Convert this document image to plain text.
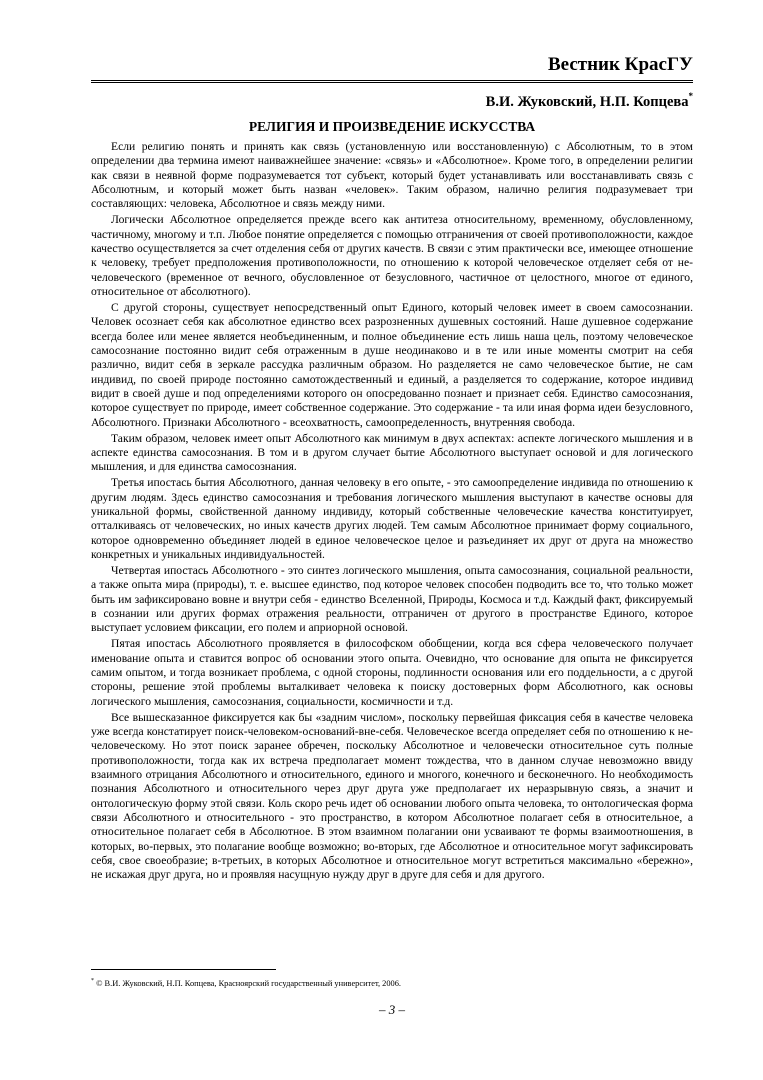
Вестник КрасГУ
В.И. Жуковский, Н.П. Копцева*
РЕЛИГИЯ И ПРОИЗВЕДЕНИЕ ИСКУССТВА

Если религию понять и принять как связь (установленную или восстановленную) с Абсолютным, то в этом определении два термина имеют наиважнейшее значение: «связь» и «Абсолютное». Кроме того, в определении религии как связи в неявной форме подразумевается тот субъект, который будет устанавливать или восстанавливать связь с Абсолютным, и который может быть назван «человек». Таким образом, налично религия подразумевает три составляющих: человека, Абсолютное и связь между ними.

Логически Абсолютное определяется прежде всего как антитеза относительному, временному, обусловленному, частичному, многому и т.п. Любое понятие определяется с помощью отграничения от своей противоположности, каждое качество осуществляется за счет отделения себя от других качеств. В связи с этим практически все, имеющее отношение к человеку, требует предположения противоположности, по отношению к которой человеческое отделяет себя от не-человеческого (временное от вечного, обусловленное от безусловного, частичное от целостного, многое от единого, относительное от абсолютного).

С другой стороны, существует непосредственный опыт Единого, который человек имеет в своем самосознании. Человек осознает себя как абсолютное единство всех разрозненных душевных состояний. Наше душевное содержание всегда более или менее является необъединенным, и полное объединение есть лишь наша цель, поэтому человеческое самосознание постоянно видит себя отраженным в душе неодинаково и в те или иные моменты смотрит на себя различно, видит себя в зеркале рассудка различным образом. Но разделяется не само человеческое бытие, не сам индивид, по своей природе постоянно самотождественный и единый, а разделяется то содержание, которое индивид видит в своей душе и под определениями которого он опосредованно познает и признает себя. Единство самосознания, которое существует по природе, имеет собственное содержание. Это содержание - та или иная форма идеи безусловного, Абсолютного. Признаки Абсолютного - всеохватность, самоопределенность, внутренняя свобода.

Таким образом, человек имеет опыт Абсолютного как минимум в двух аспектах: аспекте логического мышления и в аспекте единства самосознания. В том и в другом случает бытие Абсолютного выступает основой и для логического мышления, и для единства самосознания.

Третья ипостась бытия Абсолютного, данная человеку в его опыте, - это самоопределение индивида по отношению к другим людям. Здесь единство самосознания и требования логического мышления выступают в качестве основы для уникальной формы, свойственной данному индивиду, который собственные человеческие качества конституирует, отталкиваясь от человеческих, но иных качеств других людей. Тем самым Абсолютное принимает форму социального, которое одновременно объединяет людей в единое человеческое целое и разъединяет их друг от друга на множество конкретных и уникальных индивидуальностей.

Четвертая ипостась Абсолютного - это синтез логического мышления, опыта самосознания, социальной реальности, а также опыта мира (природы), т. е. высшее единство, под которое человек способен подводить все то, что только может быть им зафиксировано вовне и внутри себя - единство Вселенной, Природы, Космоса и т.д. Каждый факт, фиксируемый в сознании или других формах отражения реальности, отграничен от другого в пространстве Единого, которое выступает условием фиксации, его полем и априорной основой.

Пятая ипостась Абсолютного проявляется в философском обобщении, когда вся сфера человеческого получает именование опыта и ставится вопрос об основании этого опыта. Очевидно, что основание для опыта не фиксируется самим опытом, и тогда возникает проблема, с одной стороны, подлинности основания или его поддельности, а с другой стороны, решение этой проблемы выталкивает человека к поиску достоверных форм Абсолютного, как основы логического мышления, самосознания, социальности, космичности и т.д.

Все вышесказанное фиксируется как бы «задним числом», поскольку первейшая фиксация себя в качестве человека уже всегда констатирует поиск-человеком-оснований-вне-себя. Человеческое всегда определяет себя по отношению к не-человеческому. Но этот поиск заранее обречен, поскольку Абсолютное и человечески относительное суть полные противоположности, тогда как их встреча предполагает момент тождества, что в данном случае невозможно ввиду взаимного отрицания Абсолютного и относительного, единого и многого, конечного и бесконечного. Но необходимость познания Абсолютного и относительного через друг друга уже предполагает их неразрывную связь, а значит и онтологическую форму этой связи. Коль скоро речь идет об основании любого опыта человека, то онтологическая форма связи Абсолютного и относительного - это пространство, в котором Абсолютное полагает себя в относительное, а относительное полагает себя в Абсолютное. В этом взаимном полагании они усваивают те формы взаимоотношения, в которых, во-первых, это полагание вообще возможно; во-вторых, где Абсолютное и относительное могут зафиксировать себя, свое своеобразие; в-третьих, в которых Абсолютное и относительное могут встретиться максимально «бережно», не искажая друг друга, но и проявляя насущную нужду друг в друге для себя и для другого.

* © В.И. Жуковский, Н.П. Копцева, Красноярский государственный университет, 2006.
– 3 –
